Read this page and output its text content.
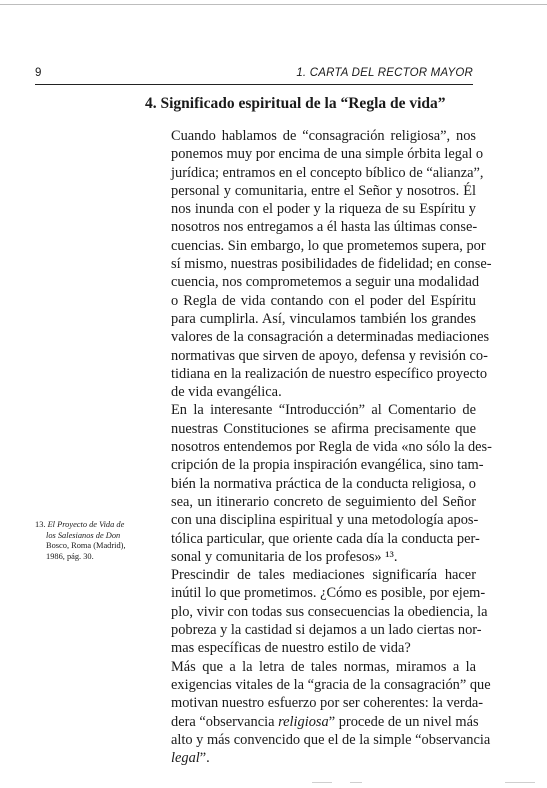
9	1. CARTA DEL RECTOR MAYOR
4. Significado espiritual de la “Regla de vida”

Cuando hablamos de “consagración religiosa”, nos
ponemos muy por encima de una simple órbita legal o
jurídica; entramos en el concepto bíblico de “alianza”,
personal y comunitaria, entre el Señor y nosotros. Él
nos inunda con el poder y la riqueza de su Espíritu y
nosotros nos entregamos a él hasta las últimas conse-
cuencias. Sin embargo, lo que prometemos supera, por
sí mismo, nuestras posibilidades de fidelidad; en conse-
cuencia, nos comprometemos a seguir una modalidad
o Regla de vida contando con el poder del Espíritu
para cumplirla. Así, vinculamos también los grandes
valores de la consagración a determinadas mediaciones
normativas que sirven de apoyo, defensa y revisión co-
tidiana en la realización de nuestro específico proyecto
de vida evangélica.

En la interesante “Introducción” al Comentario de
nuestras Constituciones se afirma precisamente que
nosotros entendemos por Regla de vida «no sólo la des-
cripción de la propia inspiración evangélica, sino tam-
bién la normativa práctica de la conducta religiosa, o
sea, un itinerario concreto de seguimiento del Señor
con una disciplina espiritual y una metodología apos-
tólica particular, que oriente cada día la conducta per-
sonal y comunitaria de los profesos» ¹³.

Prescindir de tales mediaciones significaría hacer
inútil lo que prometimos. ¿Cómo es posible, por ejem-
plo, vivir con todas sus consecuencias la obediencia, la
pobreza y la castidad si dejamos a un lado ciertas nor-
mas específicas de nuestro estilo de vida?

Más que a la letra de tales normas, miramos a la
exigencias vitales de la “gracia de la consagración” que
motivan nuestro esfuerzo por ser coherentes: la verda-
dera “observancia religiosa” procede de un nivel más
alto y más convencido que el de la simple “observancia
legal”.

13. El Proyecto de Vida de
los Salesianos de Don
Bosco, Roma (Madrid),
1986, pág. 30.
